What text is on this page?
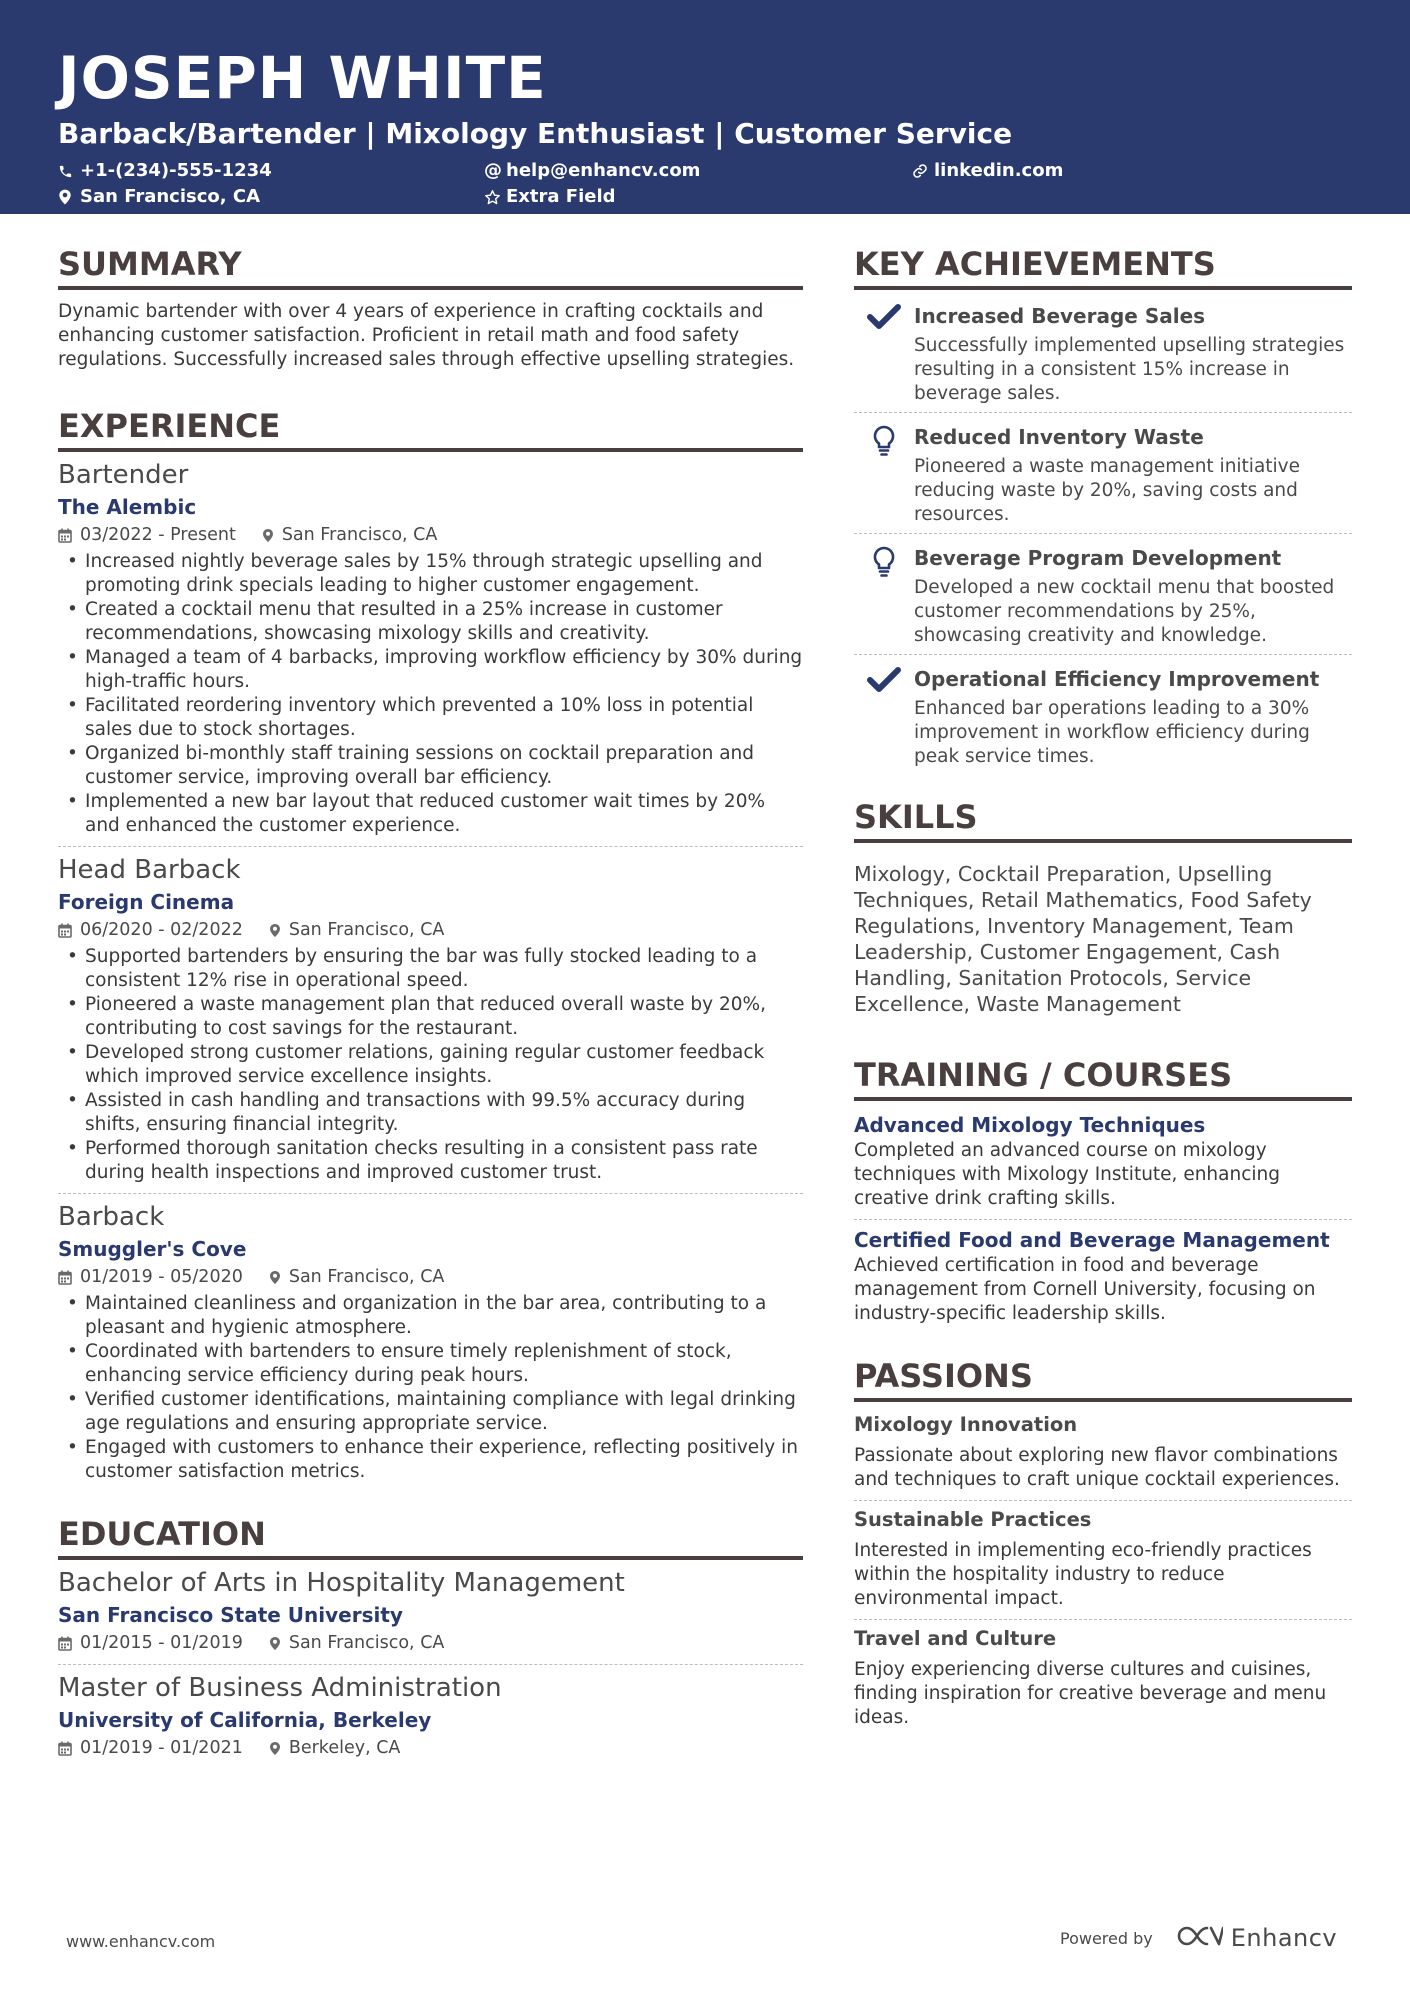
JOSEPH WHITE
Barback/Bartender | Mixology Enthusiast | Customer Service
+1-(234)-555-1234	@ help@enhancv.com	linkedin.com
San Francisco, CA	Extra Field
SUMMARY
Dynamic bartender with over 4 years of experience in crafting cocktails and enhancing customer satisfaction. Proficient in retail math and food safety regulations. Successfully increased sales through effective upselling strategies.
EXPERIENCE
Bartender
The Alembic
03/2022 - Present	San Francisco, CA
• Increased nightly beverage sales by 15% through strategic upselling and promoting drink specials leading to higher customer engagement.
• Created a cocktail menu that resulted in a 25% increase in customer recommendations, showcasing mixology skills and creativity.
• Managed a team of 4 barbacks, improving workflow efficiency by 30% during high-traffic hours.
• Facilitated reordering inventory which prevented a 10% loss in potential sales due to stock shortages.
• Organized bi-monthly staff training sessions on cocktail preparation and customer service, improving overall bar efficiency.
• Implemented a new bar layout that reduced customer wait times by 20% and enhanced the customer experience.
Head Barback
Foreign Cinema
06/2020 - 02/2022	San Francisco, CA
• Supported bartenders by ensuring the bar was fully stocked leading to a consistent 12% rise in operational speed.
• Pioneered a waste management plan that reduced overall waste by 20%, contributing to cost savings for the restaurant.
• Developed strong customer relations, gaining regular customer feedback which improved service excellence insights.
• Assisted in cash handling and transactions with 99.5% accuracy during shifts, ensuring financial integrity.
• Performed thorough sanitation checks resulting in a consistent pass rate during health inspections and improved customer trust.
Barback
Smuggler's Cove
01/2019 - 05/2020	San Francisco, CA
• Maintained cleanliness and organization in the bar area, contributing to a pleasant and hygienic atmosphere.
• Coordinated with bartenders to ensure timely replenishment of stock, enhancing service efficiency during peak hours.
• Verified customer identifications, maintaining compliance with legal drinking age regulations and ensuring appropriate service.
• Engaged with customers to enhance their experience, reflecting positively in customer satisfaction metrics.
EDUCATION
Bachelor of Arts in Hospitality Management
San Francisco State University
01/2015 - 01/2019	San Francisco, CA
Master of Business Administration
University of California, Berkeley
01/2019 - 01/2021	Berkeley, CA
KEY ACHIEVEMENTS
Increased Beverage Sales
Successfully implemented upselling strategies resulting in a consistent 15% increase in beverage sales.
Reduced Inventory Waste
Pioneered a waste management initiative reducing waste by 20%, saving costs and resources.
Beverage Program Development
Developed a new cocktail menu that boosted customer recommendations by 25%, showcasing creativity and knowledge.
Operational Efficiency Improvement
Enhanced bar operations leading to a 30% improvement in workflow efficiency during peak service times.
SKILLS
Mixology, Cocktail Preparation, Upselling Techniques, Retail Mathematics, Food Safety Regulations, Inventory Management, Team Leadership, Customer Engagement, Cash Handling, Sanitation Protocols, Service Excellence, Waste Management
TRAINING / COURSES
Advanced Mixology Techniques
Completed an advanced course on mixology techniques with Mixology Institute, enhancing creative drink crafting skills.
Certified Food and Beverage Management
Achieved certification in food and beverage management from Cornell University, focusing on industry-specific leadership skills.
PASSIONS
Mixology Innovation
Passionate about exploring new flavor combinations and techniques to craft unique cocktail experiences.
Sustainable Practices
Interested in implementing eco-friendly practices within the hospitality industry to reduce environmental impact.
Travel and Culture
Enjoy experiencing diverse cultures and cuisines, finding inspiration for creative beverage and menu ideas.
www.enhancv.com	Powered by	Enhancv
